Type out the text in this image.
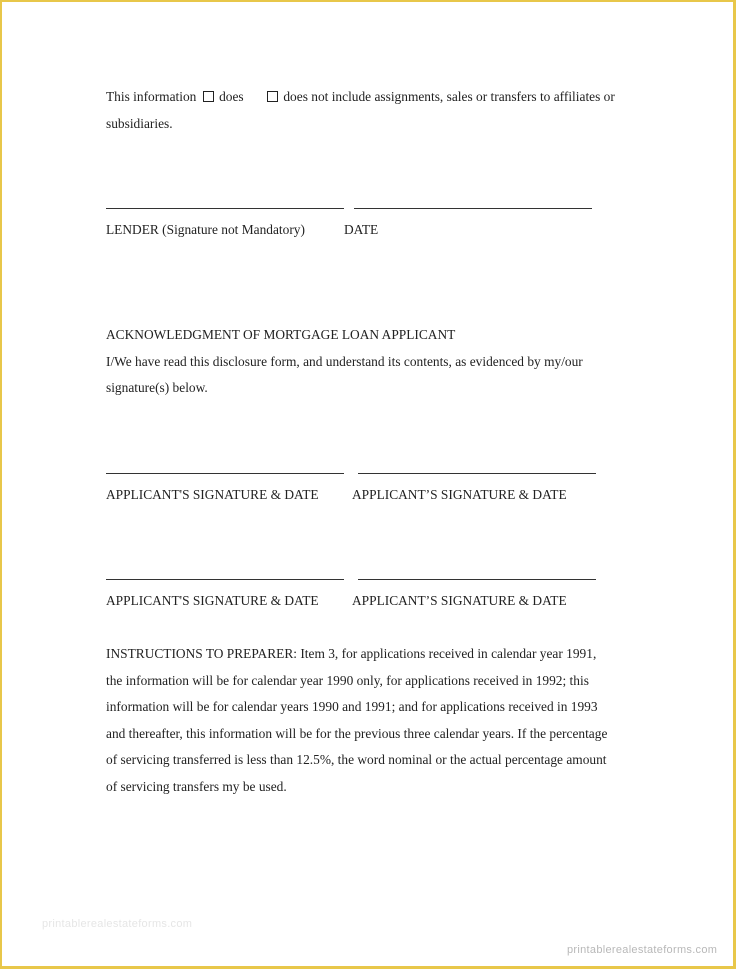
This information does	does not include assignments, sales or transfers to affiliates or
subsidiaries.
LENDER (Signature not Mandatory)	DATE
ACKNOWLEDGMENT OF MORTGAGE LOAN APPLICANT
I/We have read this disclosure form, and understand its contents, as evidenced by my/our
signature(s) below.
APPLICANT'S SIGNATURE & DATE APPLICANT’S SIGNATURE & DATE
APPLICANT'S SIGNATURE & DATE APPLICANT’S SIGNATURE & DATE
INSTRUCTIONS TO PREPARER: Item 3, for applications received in calendar year 1991,
the information will be for calendar year 1990 only, for applications received in 1992; this
information will be for calendar years 1990 and 1991; and for applications received in 1993
and thereafter, this information will be for the previous three calendar years. If the percentage
of servicing transferred is less than 12.5%, the word nominal or the actual percentage amount
of servicing transfers my be used.
printablerealestateforms.com
printablerealestateforms.com
